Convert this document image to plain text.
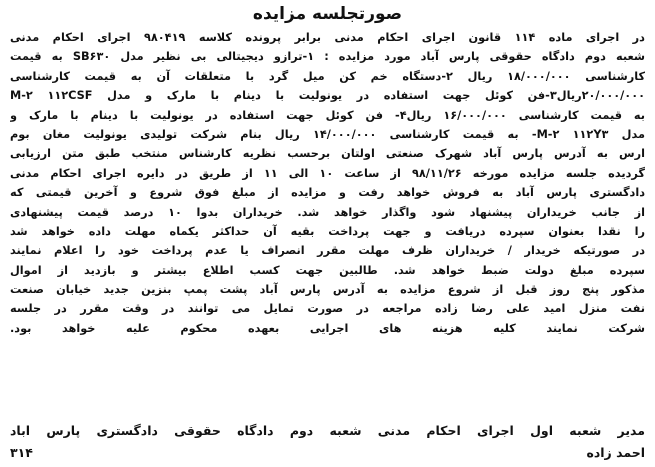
صورتجلسه مزایده
در اجرای ماده ۱۱۴ قانون اجرای احکام مدنی برابر پرونده کلاسه ۹۸۰۴۱۹ اجرای احکام مدنی
شعبه دوم دادگاه حقوقی پارس آباد مورد مزایده : ۱-ترازو دیجیتالی بی نظیر مدل SB۶۳۰ به قیمت
کارشناسی ۱۸/۰۰۰/۰۰۰ ریال ۲-دستگاه خم کن میل گرد با متعلقات آن به قیمت کارشناسی
۲۰/۰۰۰/۰۰۰ریال۳-فن کوئل جهت استفاده در یونولیت با دینام با مارک و مدل M-۲ ۱۱۲CSF
به قیمت کارشناسی ۱۶/۰۰۰/۰۰۰ ریال۴- فن کوئل جهت استفاده در یونولیت با دینام با مارک و
مدل M-۲ ۱۱۲Y۳- به قیمت کارشناسی ۱۴/۰۰۰/۰۰۰ ریال بنام شرکت تولیدی یونولیت مغان بوم
ارس به آدرس پارس آباد شهرک صنعتی اولتان برحسب نظریه کارشناس منتخب طبق متن ارزیابی
گردیده جلسه مزایده مورخه ۹۸/۱۱/۲۶ از ساعت ۱۰ الی ۱۱ از طریق در دایره اجرای احکام مدنی
دادگستری پارس آباد به فروش خواهد رفت و مزایده از مبلغ فوق شروع و آخرین قیمتی که
از جانب خریداران پیشنهاد شود واگذار خواهد شد. خریداران بدوا ۱۰ درصد قیمت پیشنهادی
را نقدا بعنوان سپرده دریافت و جهت پرداخت بقیه آن حداکثر یکماه مهلت داده خواهد شد
در صورتیکه خریدار / خریداران ظرف مهلت مقرر انصراف یا عدم پرداخت خود را اعلام نمایند
سپرده مبلغ دولت ضبط خواهد شد. طالبین جهت کسب اطلاع بیشتر و بازدید از اموال
مذکور پنج روز قبل از شروع مزایده به آدرس پارس آباد پشت پمپ بنزین جدید خیابان صنعت
نفت منزل امید علی رضا زاده مراجعه در صورت تمایل می توانند در وقت مقرر در جلسه
شرکت نمایند کلیه هزینه های اجرایی بعهده محکوم علیه خواهد بود.
مدیر شعبه اول اجرای احکام مدنی شعبه دوم دادگاه حقوقی دادگستری پارس اباد
احمد زاده
۳۱۴
